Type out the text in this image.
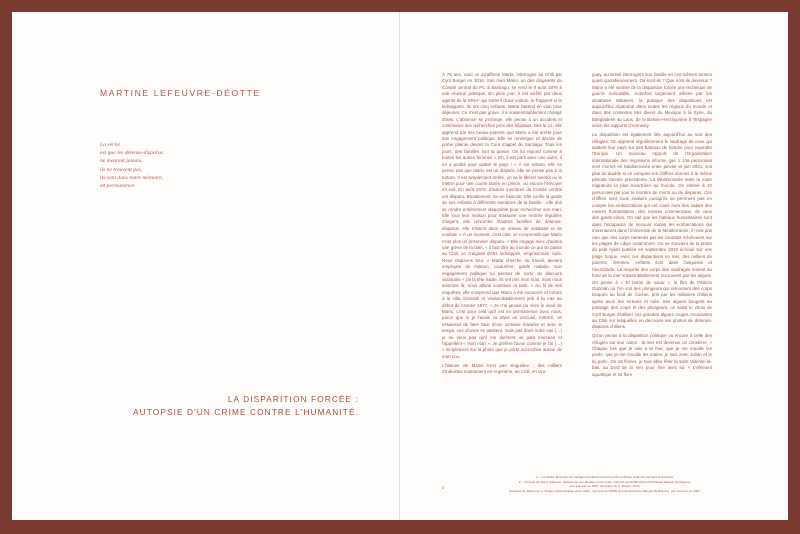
MARTINE LEFEUVRE-DÉOTTE
La vérité
est que les détenus-disparus
ne meurent jamais,
ils ne trouvent pas,
ils sont dans notre mémoire,
en permanence.
LA DISPARITION FORCÉE :
AUTOPSIE D'UN CRIME CONTRE L'HUMANITÉ.

À 76 ans, voici ce qu'affirme Marta, interrogée au Chili par Cyril Burget en 2016. Son mari Mario, un des dirigeants du Comité central du PC à Santiago, se rend le 9 août 1976 à une réunion politique. En plein jour, il est arrêté par deux agents de la DINA¹ qui sortent d'une voiture, le frappent et le kidnappent. Ils ont cinq enfants. Marta l'attend en vain pour déjeuner. Ce n'est pas grave, il a vraisemblablement changé d'avis. L'absence se prolonge, elle pense à un accident et commence ses recherches près des hôpitaux. Dès le 12, elle apprend par ses beaux-parents que Mario a été arrêté pour son engagement politique. Elle se renseigne et décide de porter plainte devant la Cour d'appel de Santiago. Tous les jours, des familles font la queue. On lui répond comme à toutes les autres femmes « Oh, il est parti avec une autre, il en a profité pour quitter le pays ! » À cet instant, elle ne pense pas que Mario est un disparu, elle ne pense pas à la torture. Il est simplement arrêté, on va le libérer bientôt ou le mettre pour une courte durée en prison, ou encore l'envoyer en exil. En août 1976, d'autres membres du Comité central ont disparu. Brutalement, sa vie bascule. Elle confie la garde de ses enfants à différents membres de la famille : elle doit se rendre entièrement disponible pour rechercher son mari. Elle loue leur maison pour s'assurer une rentrée régulière d'argent, elle rencontre d'autres familles de détenus-disparus, elle s'inscrit dans un réseau de solidarité et de combat. « À un moment, c'est clair. Je comprends que Mario n'est plus un prisonnier disparu. » Elle engage avec d'autres une grève de la faim, « il faut dire au monde ce qui se passe au Chili, on craignait d'être kidnappés, emprisonnés, tués. Nous risquions tout. » Marta cherche du travail, devient employée de maison, couturière, garde malade. Son engagement politique lui permet de sortir du discours victimaire « j'ai la tête haute. Ils ont pris mon mari, mais nous sommes là, nous allons continuer la lutte. » Au fil de ses enquêtes, elle comprend que Mario a été incarcéré et torturé à la villa Grimaldi et vraisemblablement jeté à la mer au début de l'année 1977. « Je n'ai jamais pu vivre le deuil de Mario, c'est pour cela qu'il est en permanence avec nous, parce que si je l'avais vu dans un cercueil, enterré, on essaierait de faire face d'une certaine manière et avec le temps, ces choses se passent, mais pas dans notre cas (…) je ne veux pas qu'il me donnent un petit morceau et l'appellent « mon mari ». Je préfère l'avoir comme je l'ai (…) » simplement sur la photo que je porte accrochée autour de mon cou.

L'histoire de Marta n'est pas singulière ; des milliers d'individus notamment en Argentine, au Chili, en Uru-

guay, au Brésil interrogent leur famille en ces mêmes termes quasi quotidiennement. Où sont-ils ? Que sont-ils devenus ? Mario a été victime de la disparition forcée une technique de guerre redoutable. Autrefois largement utilisée par les dictatures militaires, la pratique des disparitions est aujourd'hui répandue dans toutes les régions du monde et dans des contextes très divers du Mexique à la Syrie, du Bangladesh au Laos, de la Bosnie-Herzégovine à l'Espagne selon les rapports d'Amnesty.

La disparition est également liée aujourd'hui au sort des réfugiés. On apprend régulièrement le naufrage de ceux qui quittent leur pays sur des bateaux de fortune pour rejoindre l'Europe. Un nouveau rapport de l'Organisation internationale des migrations informe que 1 146 personnes sont mortes en Méditerranée entre janvier et juin 2021, soit plus du double si on compare les chiffres donnés à la même période l'année précédente. La Méditerranée reste la route migratoire la plus meurtrière au monde. On estime à 10 personnes par jour le nombre de morts ou de disparus. Ces chiffres sont sous évalués puisqu'ils ne prennent pas en compte les embarcations qui ont coulé hors des radars des navires humanitaires, des navires commerciaux, de ceux des garde-côtes. On sait que les bateaux humanitaires sont dans l'incapacité de secourir toutes les embarcations qui s'aventurent dans l'immensité de la Méditerranée, il n'est pas rare que des corps ramenés par les courants s'échouent sur les plages de Libye notamment. On se souvient de la photo du petit Aylan publiée en septembre 2015 échoué sur une plage turque. Avec ces disparitions en mer, des milliers de parents, femmes, enfants sont dans l'angoisse et l'incertitude. La majorité des corps des naufragés restent au fond de la mer vraisemblablement recouverts par les algues. On pense à « El botón de nacar », le film de Patricio Guzmán où l'on voit des plongeurs qui remontent des corps bloqués au fond de l'océan, pris par les militaires chiliens après avoir été torturés et tués. Ses algues bougent au passage des corps et des plongeurs, on saisit le choix de Cyril Burget d'utiliser ces grandes algues rouges mouvantes au Chili sur lesquelles en découvre les photos de détenus-disparus chiliens.

Qu'on pense à la disparition politique ou encore à celle des réfugiés sur leur canot : la mer est devenue un cimetière. « Chaque fois que je vais à la mer, que je me mouille les pieds, que je me mouille les mains, je suis avec Julian et je lui parle. On 18 février, je suis allée fêter la saint Valentin là-bas, au bord de la mer pour être avec lui. » L'élément aquatique et sa flore

1 — La DINA, Dirección de Inteligencia Nacional est la police politique chilienne pendant la dictature.
2 — Propos de Maria chilienne, partisan de son abrasion (voir note), membre du FPMR (Front Patriotique Manuel Rodríguez),
pris à la mer en 1987. Entretien de C. Burget, 2016.
Entretien de Maria par C. Burget. Rosa Mélisse José Julian, membre du FPMR (Frente Patriótico Manuel Rodríguez), pris à la mer en 1987.
3
